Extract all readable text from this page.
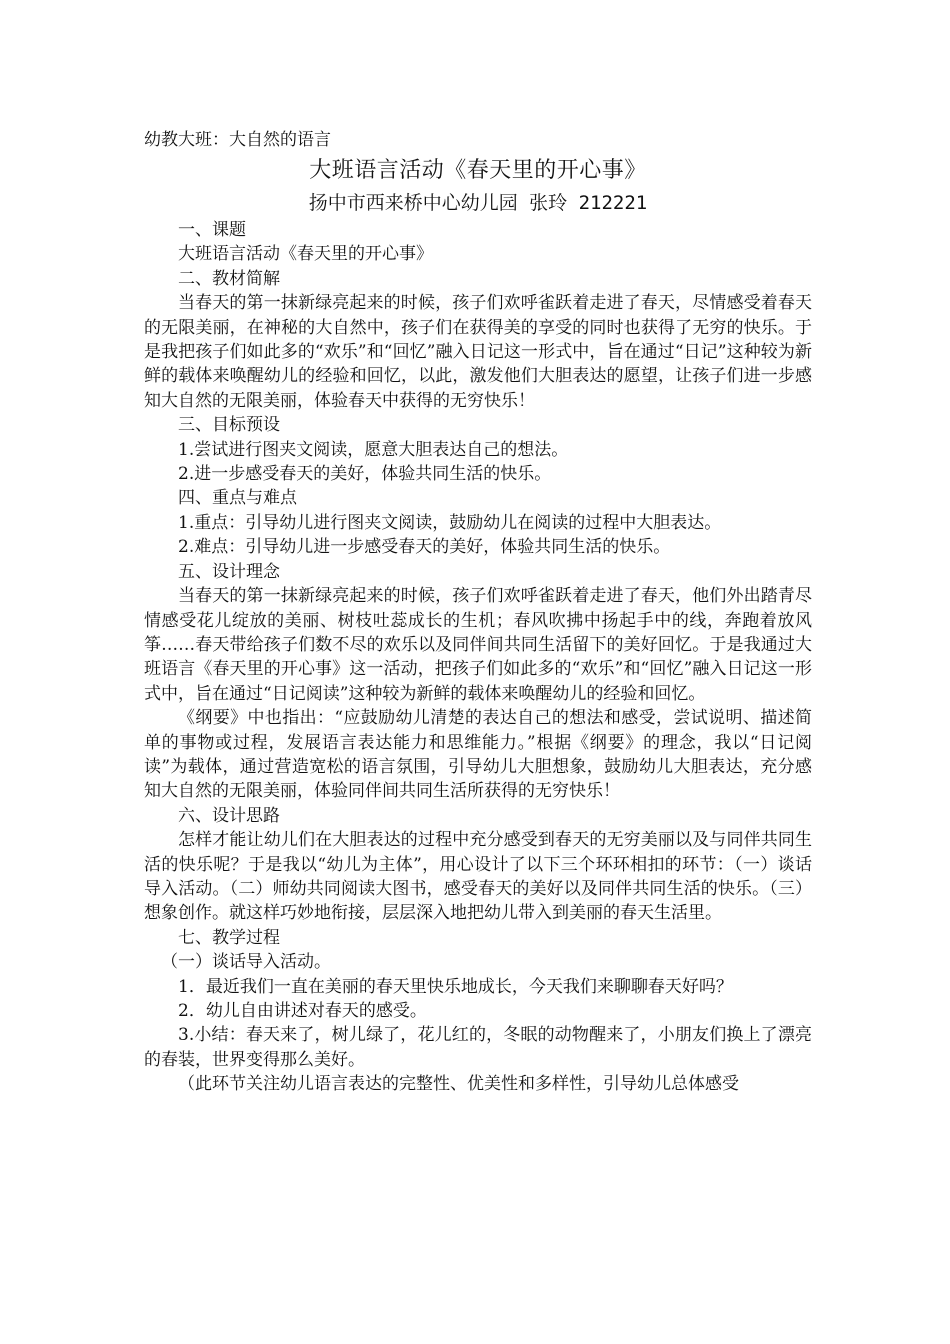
幼教大班：大自然的语言
大班语言活动《春天里的开心事》
扬中市西来桥中心幼儿园 张玲 212221

一、课题

大班语言活动《春天里的开心事》

二、教材简解

当春天的第一抹新绿亮起来的时候，孩子们欢呼雀跃着走进了春天，尽情感受着春天的无限美丽，在神秘的大自然中，孩子们在获得美的享受的同时也获得了无穷的快乐。于是我把孩子们如此多的“欢乐”和“回忆”融入日记这一形式中，旨在通过“日记”这种较为新鲜的载体来唤醒幼儿的经验和回忆，以此，激发他们大胆表达的愿望，让孩子们进一步感知大自然的无限美丽，体验春天中获得的无穷快乐！

三、目标预设

1.尝试进行图夹文阅读，愿意大胆表达自己的想法。

2.进一步感受春天的美好，体验共同生活的快乐。

四、重点与难点

1.重点：引导幼儿进行图夹文阅读，鼓励幼儿在阅读的过程中大胆表达。

2.难点：引导幼儿进一步感受春天的美好，体验共同生活的快乐。

五、设计理念

当春天的第一抹新绿亮起来的时候，孩子们欢呼雀跃着走进了春天，他们外出踏青尽情感受花儿绽放的美丽、树枝吐蕊成长的生机；春风吹拂中扬起手中的线，奔跑着放风筝……春天带给孩子们数不尽的欢乐以及同伴间共同生活留下的美好回忆。于是我通过大班语言《春天里的开心事》这一活动，把孩子们如此多的“欢乐”和“回忆”融入日记这一形式中，旨在通过“日记阅读”这种较为新鲜的载体来唤醒幼儿的经验和回忆。

《纲要》中也指出：“应鼓励幼儿清楚的表达自己的想法和感受，尝试说明、描述简单的事物或过程，发展语言表达能力和思维能力。”根据《纲要》的理念，我以“日记阅读”为载体，通过营造宽松的语言氛围，引导幼儿大胆想象，鼓励幼儿大胆表达，充分感知大自然的无限美丽，体验同伴间共同生活所获得的无穷快乐！

六、设计思路

怎样才能让幼儿们在大胆表达的过程中充分感受到春天的无穷美丽以及与同伴共同生活的快乐呢？于是我以“幼儿为主体”，用心设计了以下三个环环相扣的环节：（一）谈话导入活动。（二）师幼共同阅读大图书，感受春天的美好以及同伴共同生活的快乐。（三）想象创作。就这样巧妙地衔接，层层深入地把幼儿带入到美丽的春天生活里。

七、教学过程

（一）谈话导入活动。

1．最近我们一直在美丽的春天里快乐地成长，今天我们来聊聊春天好吗？

2．幼儿自由讲述对春天的感受。

3.小结：春天来了，树儿绿了，花儿红的，冬眠的动物醒来了，小朋友们换上了漂亮的春装，世界变得那么美好。

（此环节关注幼儿语言表达的完整性、优美性和多样性，引导幼儿总体感受
